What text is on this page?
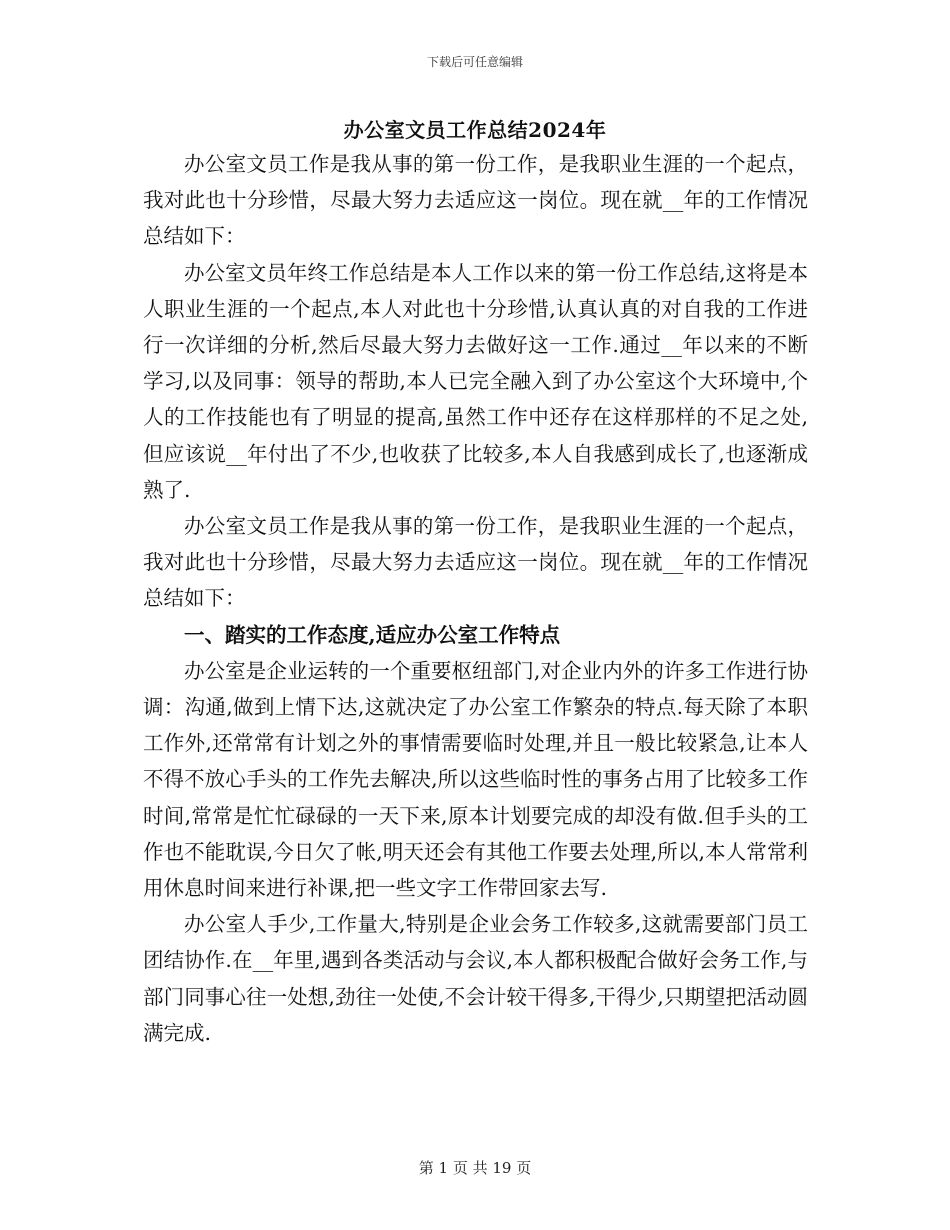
下载后可任意编辑
办公室文员工作总结2024年

办公室文员工作是我从事的第一份工作，是我职业生涯的一个起点，我对此也十分珍惜，尽最大努力去适应这一岗位。现在就__年的工作情况总结如下：

办公室文员年终工作总结是本人工作以来的第一份工作总结,这将是本人职业生涯的一个起点,本人对此也十分珍惜,认真认真的对自我的工作进行一次详细的分析,然后尽最大努力去做好这一工作.通过__年以来的不断学习,以及同事：领导的帮助,本人已完全融入到了办公室这个大环境中,个人的工作技能也有了明显的提高,虽然工作中还存在这样那样的不足之处,但应该说__年付出了不少,也收获了比较多,本人自我感到成长了,也逐渐成熟了.

办公室文员工作是我从事的第一份工作，是我职业生涯的一个起点，我对此也十分珍惜，尽最大努力去适应这一岗位。现在就__年的工作情况总结如下：

一、踏实的工作态度,适应办公室工作特点

办公室是企业运转的一个重要枢纽部门,对企业内外的许多工作进行协调：沟通,做到上情下达,这就决定了办公室工作繁杂的特点.每天除了本职工作外,还常常有计划之外的事情需要临时处理,并且一般比较紧急,让本人不得不放心手头的工作先去解决,所以这些临时性的事务占用了比较多工作时间,常常是忙忙碌碌的一天下来,原本计划要完成的却没有做.但手头的工作也不能耽误,今日欠了帐,明天还会有其他工作要去处理,所以,本人常常利用休息时间来进行补课,把一些文字工作带回家去写.

办公室人手少,工作量大,特别是企业会务工作较多,这就需要部门员工团结协作.在__年里,遇到各类活动与会议,本人都积极配合做好会务工作,与部门同事心往一处想,劲往一处使,不会计较干得多,干得少,只期望把活动圆满完成.

第 1 页 共 19 页
